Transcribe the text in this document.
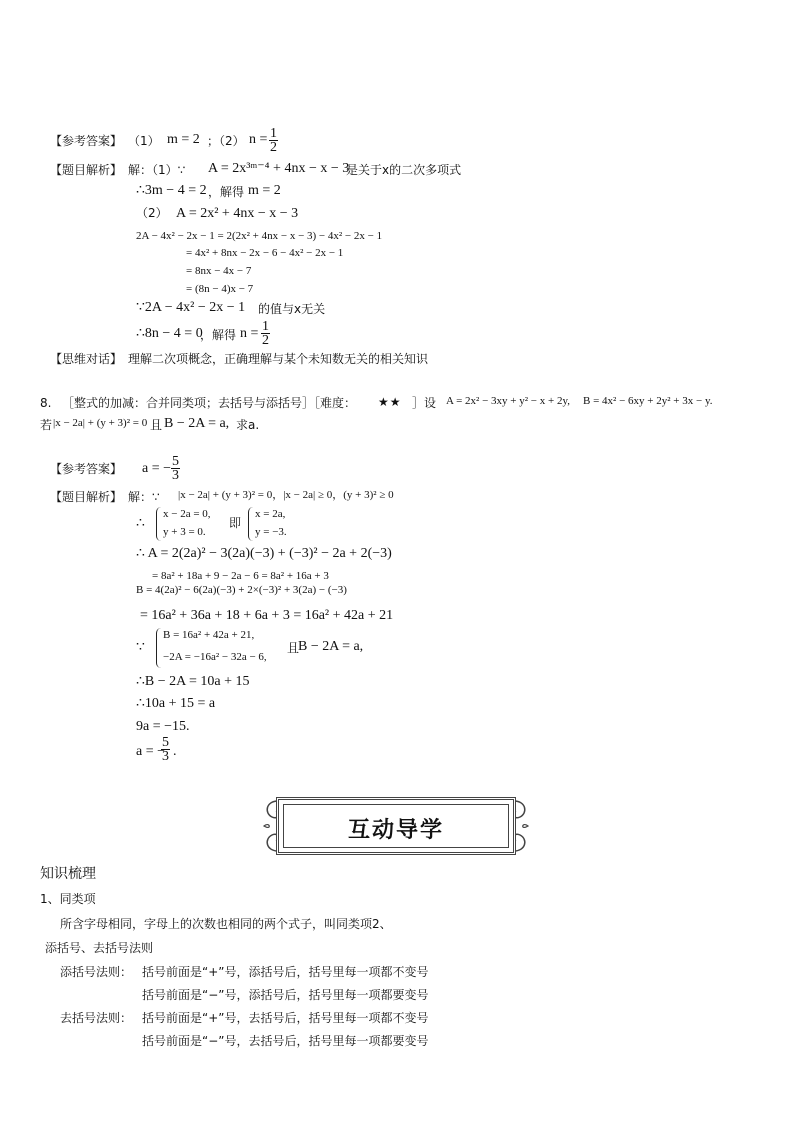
【参考答案】 （1） m = 2 ；（2） $n = \frac{1}{2}$
【题目解析】 解：（1）∵ A = 2x³ᵐ⁻⁴ + 4nx − x − 3
是关于x的二次多项式
∴3m − 4 = 2 ，解得 m = 2
（2） A = 2x² + 4nx − x − 3
2A − 4x² − 2x − 1 = 2(2x² + 4nx − x − 3) − 4x² − 2x − 1
= 4x² + 8nx − 2x − 6 − 4x² − 2x − 1
= 8nx − 4x − 7
= (8n − 4)x − 7
∵2A − 4x² − 2x − 1 的值与x无关
∴8n − 4 = 0
，解得 $n = \frac{1}{2}$
【思维对话】 理解二次项概念，正确理解与某个未知数无关的相关知识
8. ［整式的加减：合并同类项；去括号与添括号］［难度： ★★ ］设 A = 2x² − 3xy + y² − x + 2y, B = 4x² − 6xy + 2y² + 3x − y.
若 |x − 2a| + (y + 3)² = 0 且 B − 2A = a, 求a.
【参考答案】 a = − $\frac{5}{3}$
【题目解析】 解：∵ |x − 2a| + (y + 3)² = 0，|x − 2a| ≥ 0，(y + 3)² ≥ 0
∴
x − 2a = 0,
y + 3 = 0.
即
x = 2a,
y = −3.
∴ A = 2(2a)² − 3(2a)(−3) + (−3)² − 2a + 2(−3)
= 8a² + 18a + 9 − 2a − 6 = 8a² + 16a + 3
B = 4(2a)² − 6(2a)(−3) + 2×(−3)² + 3(2a) − (−3)
= 16a² + 36a + 18 + 6a + 3 = 16a² + 42a + 21
∵
B = 16a² + 42a + 21,
−2A = −16a² − 32a − 6,
且
B − 2A = a,
∴B − 2A = 10a + 15
∴10a + 15 = a
9a = −15.
a = −
$\frac{5}{3}$ .
互动导学
知识梳理
1、同类项
所含字母相同，字母上的次数也相同的两个式子，叫同类项2、
添括号、去括号法则
添括号法则： 括号前面是“+”号，添括号后，括号里每一项都不变号
括号前面是“−”号，添括号后，括号里每一项都要变号
去括号法则： 括号前面是“+”号，去括号后，括号里每一项都不变号
括号前面是“−”号，去括号后，括号里每一项都要变号
